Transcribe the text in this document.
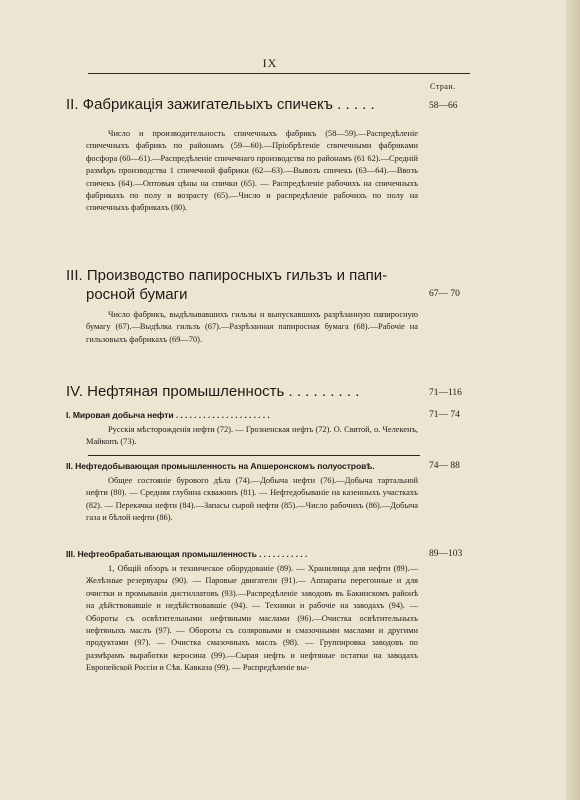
IX
Стран.
II. Фабрикація зажигательыхъ спичекъ . . . . .	58—66

Число и производительность спичечныхъ фабрикъ (58—59).—Распредѣленіе спичечныхъ фабрикъ по районамъ (59—60).—Пріобрѣтеніе спичечными фабриками фосфора (60—61).—Распредѣленіе спичечнаго производства по районамъ (61 62).—Средній размѣръ производства 1 спичечной фабрики (62—63).—Вывозъ спичекъ (63—64).—Ввозъ спичекъ (64).—Оптовыя цѣны на спички (65). — Распредѣленіе рабочихъ на спичечныхъ фабрикахъ по полу и возрасту (65).—Число и распредѣленіе рабочихъ по полу на спичечныхъ фабрикахъ (80).

III. Производство папиросныхъ гильзъ и папи-
росной бумаги	67— 70

Число фабрикъ, выдѣлывавшихъ гильзы и выпускавшихъ разрѣзанную папиросную бумагу (67).—Выдѣлка гильзъ (67).—Разрѣзанная папиросная бумага (68).—Рабочіе на гильзовыхъ фабрикахъ (69—70).

IV. Нефтяная промышленность . . . . . . . . .	71—116
I. Мировая добыча нефти . . . . . . . . . . . . . . . . . . . . .	71— 74

Русскія мѣсторожденія нефти (72). — Грозненская нефть (72). О. Святой, о. Челекенъ, Майкопъ (73).

II. Нефтедобывающая промышленность на Апшеронскомъ полуостровѣ.	74— 88

Общее состояніе бурового дѣла (74).—Добыча нефти (76).—Добыча тартальной нефти (80). — Средняя глубина скважинъ (81). — Нефтедобываніе на казенныхъ участкахъ (82). — Перекачка нефти (84).—Запасы сырой нефти (85).—Число рабочихъ (86).—Добыча газа и бѣлой нефти (86).

III. Нефтеобрабатывающая промышленность . . . . . . . . . . .	89—103

1, Общій обзоръ и техническое оборудованіе (89). — Хранилища для нефти (89).— Желѣзные резервуары (90). — Паровые двигатели (91).— Аппараты перегонные и для очистки и промыванія дистиллатовъ (93).—Распредѣленіе заводовъ въ Бакинскомъ районѣ на дѣйствовавшіе и недѣйствовавшіе (94). — Техники и рабочіе на заводахъ (94). — Обороты съ освѣтительными нефтяными маслами (96).—Очистка освѣтительныхъ нефтяныхъ маслъ (97). — Обороты съ соляровыми и смазочными маслами и другими продуктами (97). — Очистка смазочныхъ маслъ (98). — Группировка заводовъ по размѣрамъ выработки керосина (99).—Сырая нефть и нефтяные остатки на заводахъ Европейской Россіи и Сѣв. Кавказа (99). — Распредѣленіе вы-
